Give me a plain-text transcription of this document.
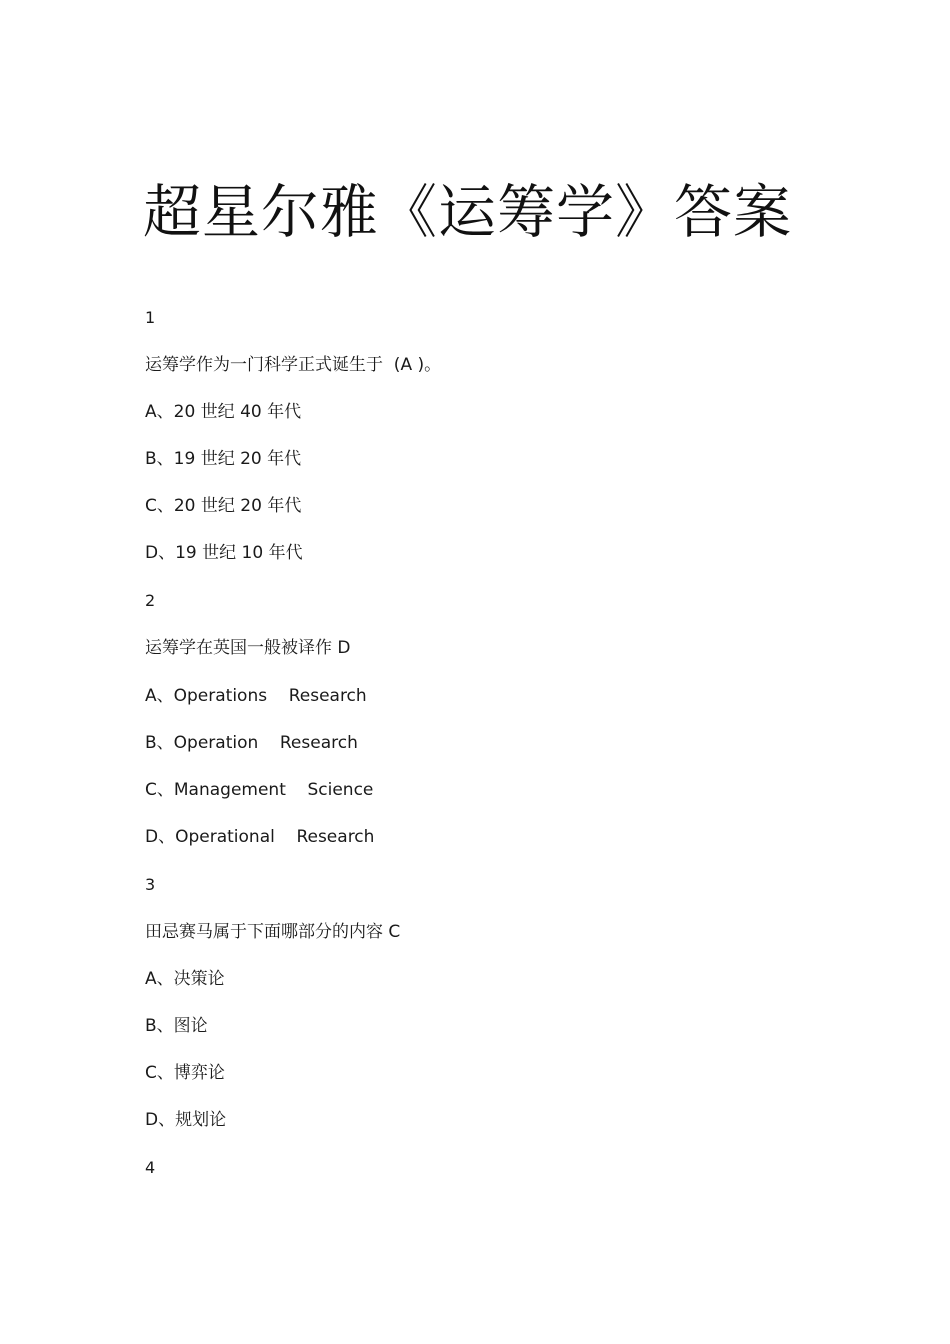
超星尔雅《运筹学》答案

1

运筹学作为一门科学正式诞生于  (A )。

A、20 世纪 40 年代

B、19 世纪 20 年代

C、20 世纪 20 年代

D、19 世纪 10 年代

2

运筹学在英国一般被译作 D

A、Operations    Research

B、Operation    Research

C、Management    Science

D、Operational    Research

3

田忌赛马属于下面哪部分的内容 C

A、决策论

B、图论

C、博弈论

D、规划论

4
